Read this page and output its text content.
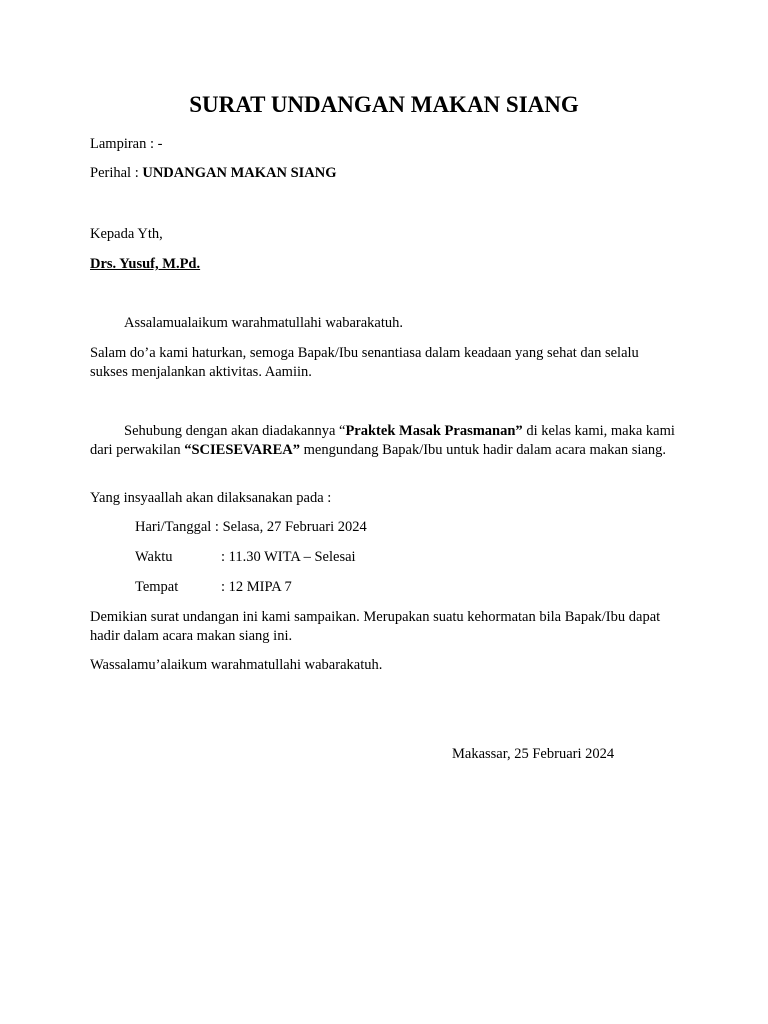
SURAT UNDANGAN MAKAN SIANG
Lampiran : -
Perihal : UNDANGAN MAKAN SIANG
Kepada Yth,
Drs. Yusuf, M.Pd.
Assalamualaikum warahmatullahi wabarakatuh.
Salam do’a kami haturkan, semoga Bapak/Ibu senantiasa dalam keadaan yang sehat dan selalu sukses menjalankan aktivitas. Aamiin.
Sehubung dengan akan diadakannya “Praktek Masak Prasmanan” di kelas kami, maka kami dari perwakilan “SCIESEVAREA” mengundang Bapak/Ibu untuk hadir dalam acara makan siang.
Yang insyaallah akan dilaksanakan pada :
Hari/Tanggal : Selasa, 27 Februari 2024
Waktu	: 11.30 WITA – Selesai
Tempat	: 12 MIPA 7
Demikian surat undangan ini kami sampaikan. Merupakan suatu kehormatan bila Bapak/Ibu dapat hadir dalam acara makan siang ini.
Wassalamu’alaikum warahmatullahi wabarakatuh.
Makassar, 25 Februari 2024
